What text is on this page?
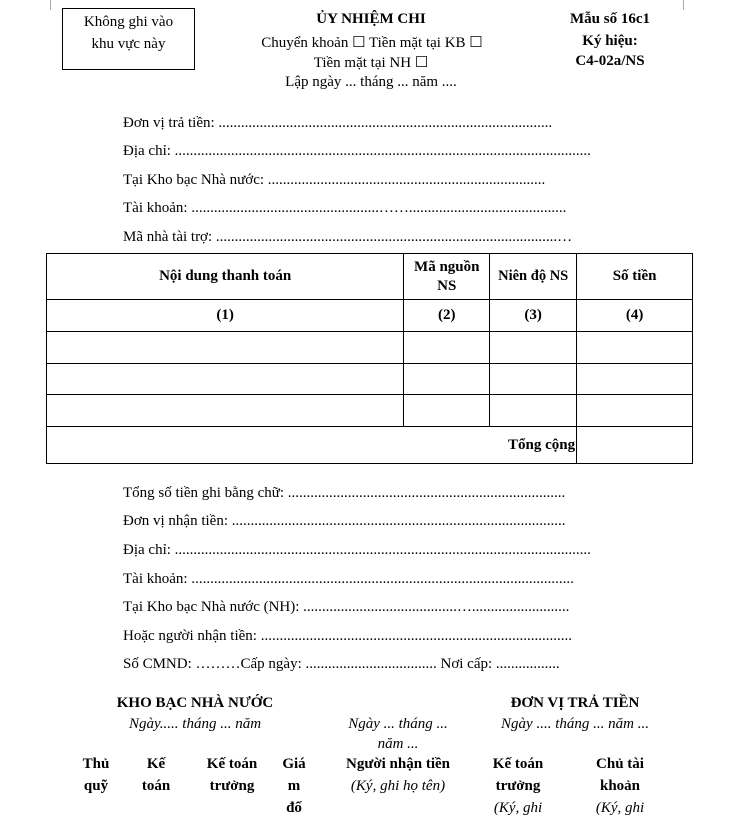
Không ghi vào
khu vực này
ỦY NHIỆM CHI
Chuyển khoản ☐ Tiền mặt tại KB ☐
Tiền mặt tại NH ☐
Lập ngày ... tháng ... năm ....
Mẫu số 16c1
Ký hiệu:
C4-02a/NS
Đơn vị trả tiền: .........................................................................................
Địa chỉ: ...............................................................................................................
Tại Kho bạc Nhà nước: ..........................................................................
Tài khoản: ..................................................……..........................................
Mã nhà tài trợ: ...........................................................................................…
Nội dung thanh toán	Mã nguồn NS	Niên độ NS	Số tiền
(1)	(2)	(3)	(4)

Tổng cộng			
Tổng số tiền ghi bằng chữ: ..........................................................................
Đơn vị nhận tiền: .........................................................................................
Địa chỉ: ...............................................................................................................
Tài khoản: ......................................................................................................
Tại Kho bạc Nhà nước (NH): .........................................…..........................
Hoặc người nhận tiền: ...................................................................................
Số CMND: ………Cấp ngày: ................................... Nơi cấp: .................
KHO BẠC NHÀ NƯỚC
Ngày..... tháng ... năm	Ngày ... tháng ...
năm ...
ĐƠN VỊ TRẢ TIỀN
Ngày .... tháng ... năm ...
Thủ
quỹ
Kế
toán
Kế toán
trưởng
Giá
m
đố
Người nhận tiền
(Ký, ghi họ tên)
Kế toán
trưởng
(Ký, ghi
Chủ tài
khoản
(Ký, ghi
